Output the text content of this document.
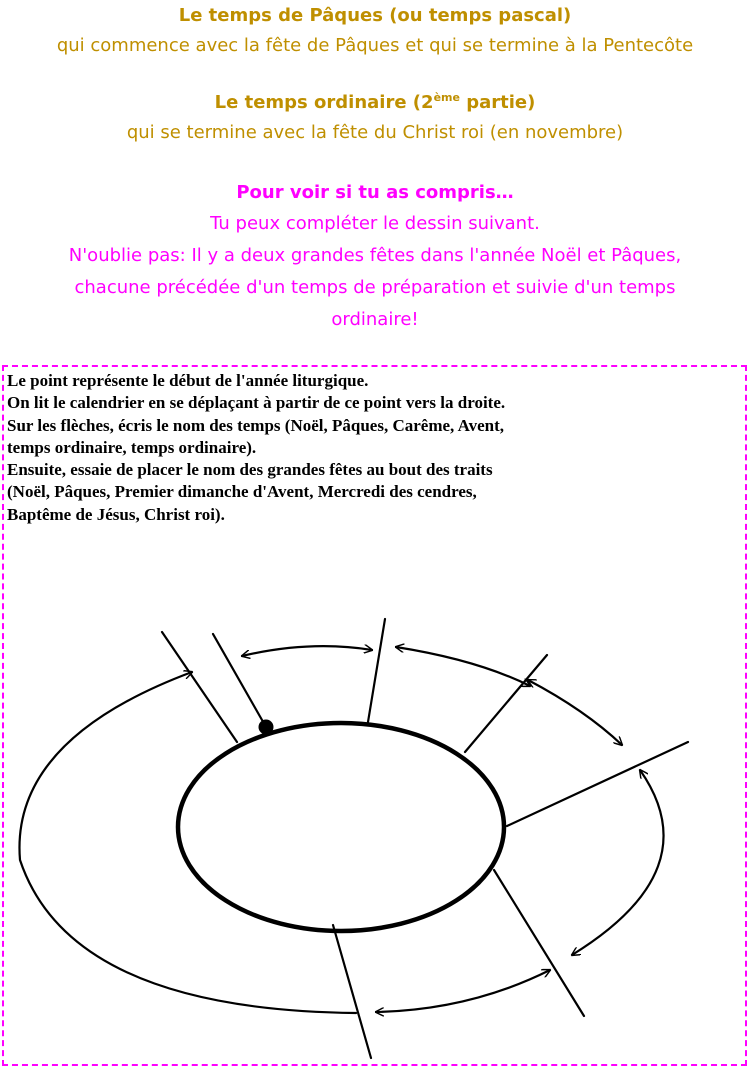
Le temps de Pâques (ou temps pascal)
qui commence avec la fête de Pâques et qui se termine à la Pentecôte
Le temps ordinaire (2ème partie)
qui se termine avec la fête du Christ roi (en novembre)
Pour voir si tu as compris…
Tu peux compléter le dessin suivant.
N'oublie pas: Il y a deux grandes fêtes dans l'année Noël et Pâques,
chacune précédée d'un temps de préparation et suivie d'un temps
ordinaire!
Le point représente le début de l'année liturgique.
On lit le calendrier en se déplaçant à partir de ce point vers la droite.
Sur les flèches, écris le nom des temps (Noël, Pâques, Carême, Avent,
temps ordinaire, temps ordinaire).
Ensuite, essaie de placer le nom des grandes fêtes au bout des traits
(Noël, Pâques, Premier dimanche d'Avent, Mercredi des cendres,
Baptême de Jésus, Christ roi).
